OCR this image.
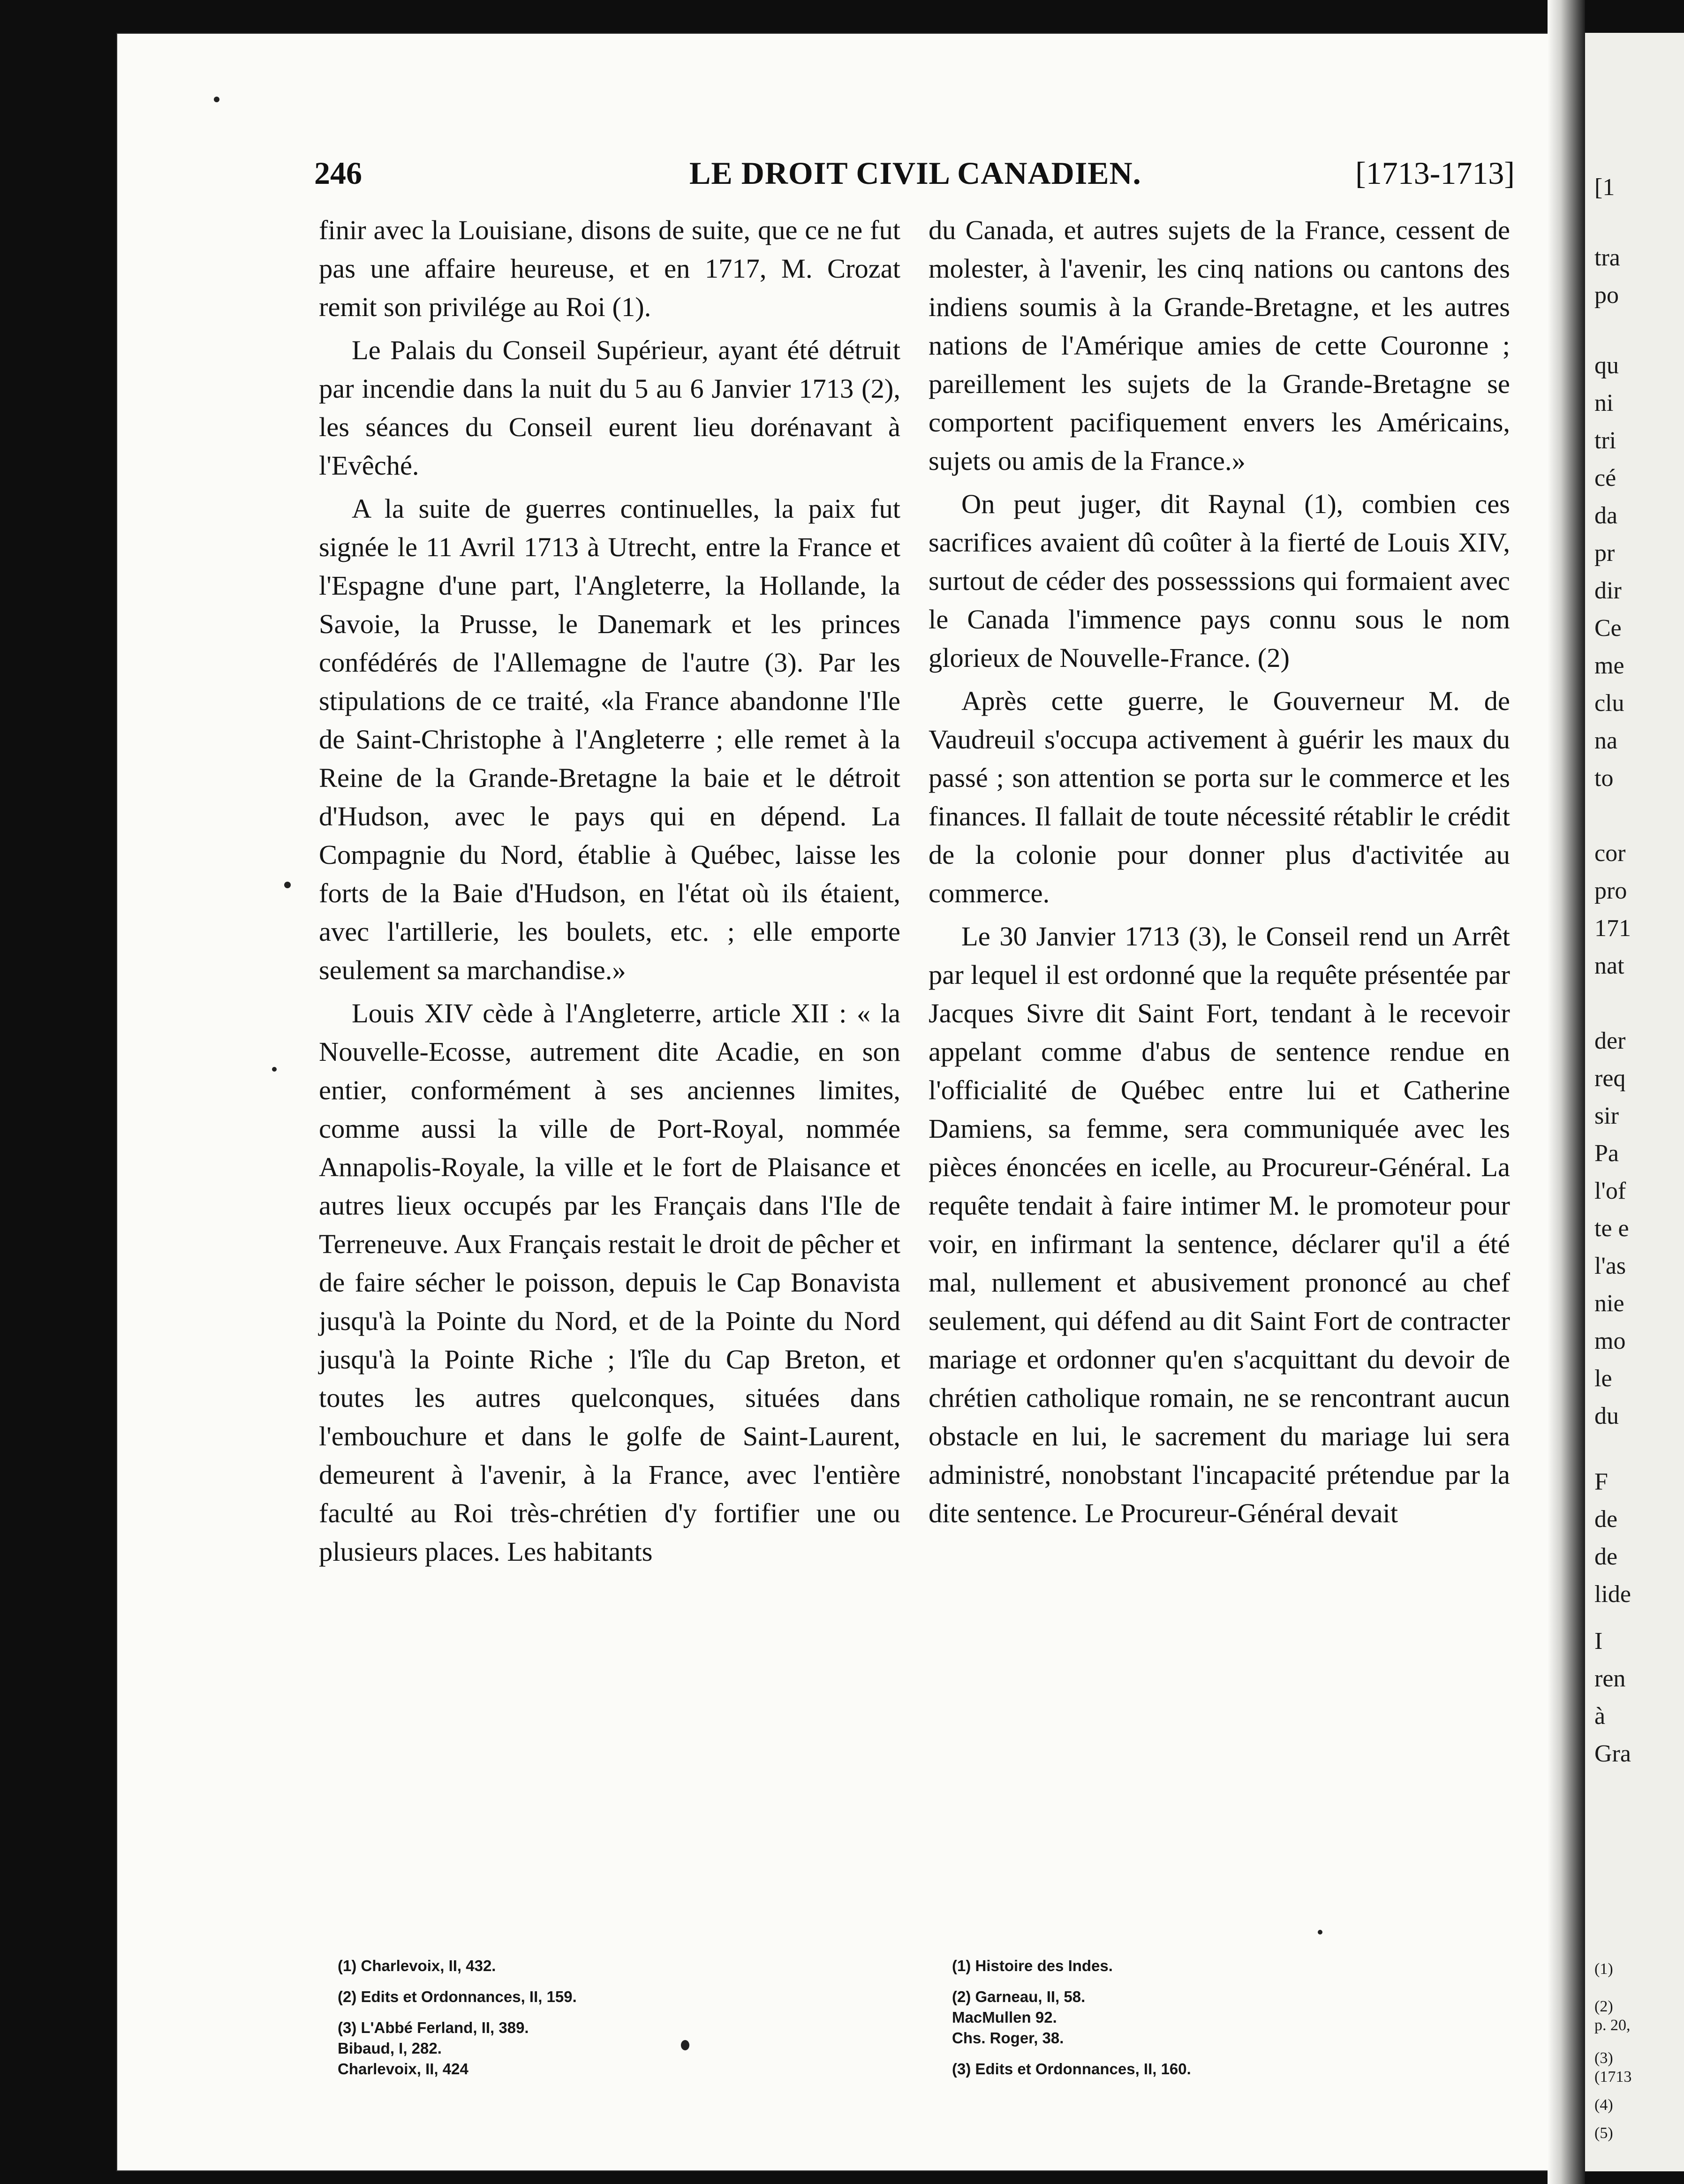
[1
tra
po
qu
ni
tri
cé
da
pr
dir
Ce
me
clu
na
to
cor
pro
171
nat
der
req
sir
Pa
l'of
te e
l'as
nie
mo
le
du
F
de
de
lide
I
ren
à
Gra
(1)
(2)
p. 20,
(3)
(1713
(4)
(5)
246	LE DROIT CIVIL CANADIEN.	[1713-1713]

finir avec la Louisiane, disons de suite, que ce ne fut pas une affaire heureuse, et en 1717, M. Crozat remit son privilége au Roi (1).

Le Palais du Conseil Supérieur, ayant été détruit par incendie dans la nuit du 5 au 6 Janvier 1713 (2), les séances du Conseil eurent lieu dorénavant à l'Evêché.

A la suite de guerres continuelles, la paix fut signée le 11 Avril 1713 à Utrecht, entre la France et l'Espagne d'une part, l'Angleterre, la Hollande, la Savoie, la Prusse, le Danemark et les princes confédérés de l'Allemagne de l'autre (3). Par les stipulations de ce traité, «la France abandonne l'Ile de Saint-Christophe à l'Angleterre ; elle remet à la Reine de la Grande-Bretagne la baie et le détroit d'Hudson, avec le pays qui en dépend. La Compagnie du Nord, établie à Québec, laisse les forts de la Baie d'Hudson, en l'état où ils étaient, avec l'artillerie, les boulets, etc. ; elle emporte seulement sa marchandise.»

Louis XIV cède à l'Angleterre, article XII : « la Nouvelle-Ecosse, autrement dite Acadie, en son entier, conformément à ses anciennes limites, comme aussi la ville de Port-Royal, nommée Annapolis-Royale, la ville et le fort de Plaisance et autres lieux occupés par les Français dans l'Ile de Terreneuve. Aux Français restait le droit de pêcher et de faire sécher le poisson, depuis le Cap Bonavista jusqu'à la Pointe du Nord, et de la Pointe du Nord jusqu'à la Pointe Riche ; l'île du Cap Breton, et toutes les autres quelconques, situées dans l'embouchure et dans le golfe de Saint-Laurent, demeurent à l'avenir, à la France, avec l'entière faculté au Roi très-chrétien d'y fortifier une ou plusieurs places. Les habitants

du Canada, et autres sujets de la France, cessent de molester, à l'avenir, les cinq nations ou cantons des indiens soumis à la Grande-Bretagne, et les autres nations de l'Amérique amies de cette Couronne ; pareillement les sujets de la Grande-Bretagne se comportent pacifiquement envers les Américains, sujets ou amis de la France.»

On peut juger, dit Raynal (1), combien ces sacrifices avaient dû coûter à la fierté de Louis XIV, surtout de céder des possesssions qui formaient avec le Canada l'immence pays connu sous le nom glorieux de Nouvelle-France. (2)

Après cette guerre, le Gouverneur M. de Vaudreuil s'occupa activement à guérir les maux du passé ; son attention se porta sur le commerce et les finances. Il fallait de toute nécessité rétablir le crédit de la colonie pour donner plus d'activitée au commerce.

Le 30 Janvier 1713 (3), le Conseil rend un Arrêt par lequel il est ordonné que la requête présentée par Jacques Sivre dit Saint Fort, tendant à le recevoir appelant comme d'abus de sentence rendue en l'officialité de Québec entre lui et Catherine Damiens, sa femme, sera communiquée avec les pièces énoncées en icelle, au Procureur-Général. La requête tendait à faire intimer M. le promoteur pour voir, en infirmant la sentence, déclarer qu'il a été mal, nullement et abusivement prononcé au chef seulement, qui défend au dit Saint Fort de contracter mariage et ordonner qu'en s'acquittant du devoir de chrétien catholique romain, ne se rencontrant aucun obstacle en lui, le sacrement du mariage lui sera administré, nonobstant l'incapacité prétendue par la dite sentence. Le Procureur-Général devait

(1) Charlevoix, II, 432.

(2) Edits et Ordonnances, II, 159.

(3) L'Abbé Ferland, II, 389.

Bibaud, I, 282.

Charlevoix, II, 424

(1) Histoire des Indes.

(2) Garneau, II, 58.

MacMullen 92.

Chs. Roger, 38.

(3) Edits et Ordonnances, II, 160.
